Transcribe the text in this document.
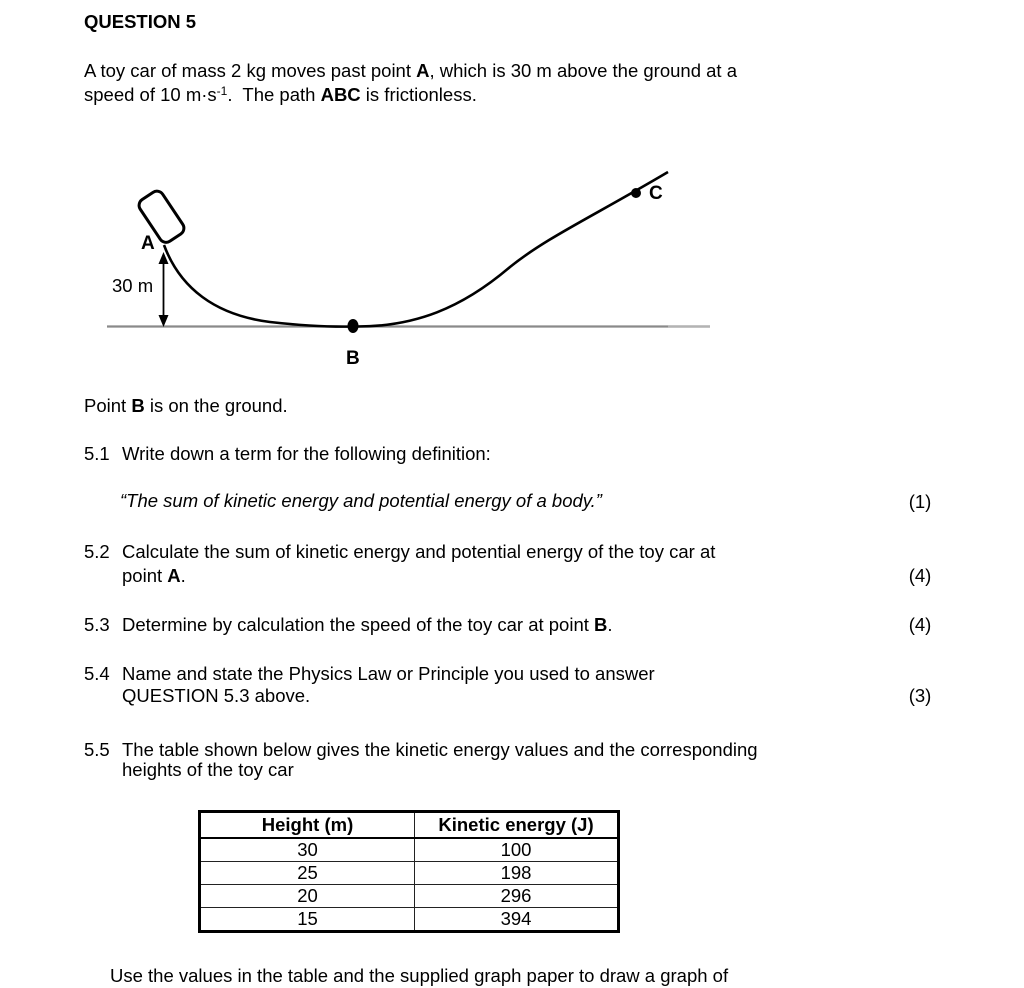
QUESTION 5
A toy car of mass 2 kg moves past point A, which is 30 m above the ground at a
speed of 10 $m\cdot s^{-1}$.  The path ABC is frictionless.
A
30 m
B
C
Point B is on the ground.
5.1 Write down a term for the following definition:
“The sum of kinetic energy and potential energy of a body.”	(1)
5.2 Calculate the sum of kinetic energy and potential energy of the toy car at
point A.	(4)
5.3 Determine by calculation the speed of the toy car at point B.	(4)
5.4 Name and state the Physics Law or Principle you used to answer
QUESTION 5.3 above.	(3)
5.5 The table shown below gives the kinetic energy values and the corresponding
heights of the toy car
Height (m)	Kinetic energy (J)
30	100
25	198
20	296
15	394
Use the values in the table and the supplied graph paper to draw a graph of
